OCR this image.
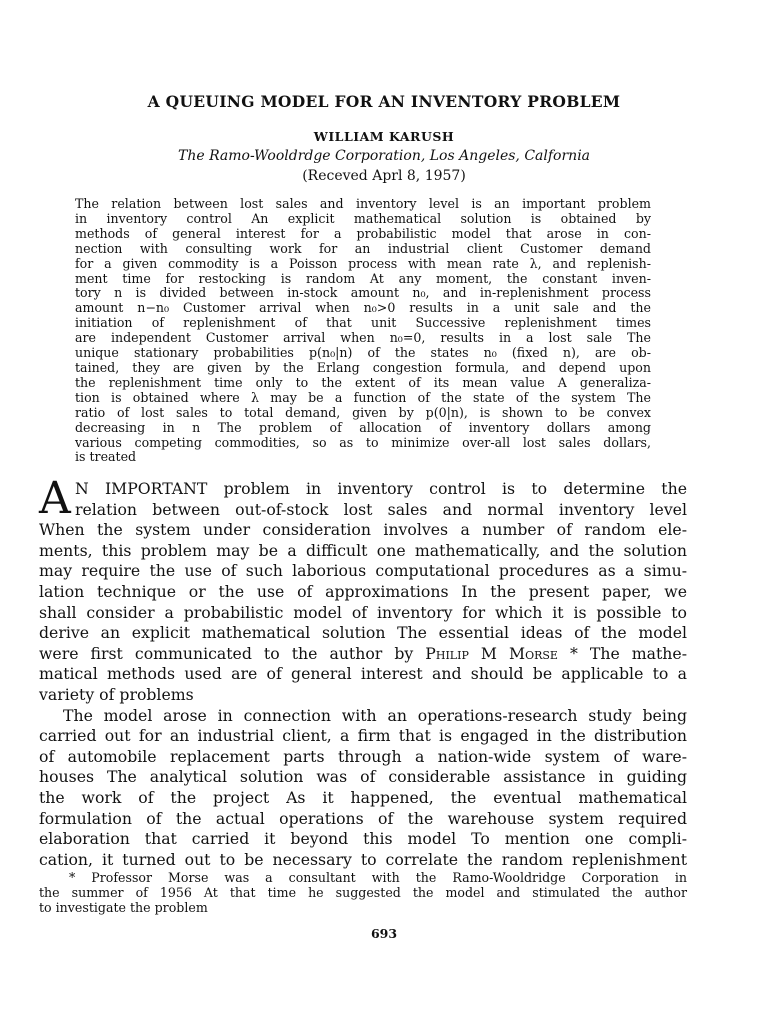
A QUEUING MODEL FOR AN INVENTORY PROBLEM
WILLIAM KARUSH
The Ramo-Wooldrdge Corporation, Los Angeles, Calfornia
(Receved Aprl 8, 1957)
The relation between lost sales and inventory level is an important problem
in inventory control An explicit mathematical solution is obtained by
methods of general interest for a probabilistic model that arose in con-
nection with consulting work for an industrial client Customer demand
for a given commodity is a Poisson process with mean rate λ, and replenish-
ment time for restocking is random At any moment, the constant inven-
tory n is divided between in-stock amount n₀, and in-replenishment process
amount n−n₀ Customer arrival when n₀>0 results in a unit sale and the
initiation of replenishment of that unit Successive replenishment times
are independent Customer arrival when n₀=0, results in a lost sale The
unique stationary probabilities p(n₀|n) of the states n₀ (fixed n), are ob-
tained, they are given by the Erlang congestion formula, and depend upon
the replenishment time only to the extent of its mean value A generaliza-
tion is obtained where λ may be a function of the state of the system The
ratio of lost sales to total demand, given by p(0|n), is shown to be convex
decreasing in n The problem of allocation of inventory dollars among
various competing commodities, so as to minimize over-all lost sales dollars,
is treated
A N IMPORTANT problem in inventory control is to determine the
relation between out-of-stock lost sales and normal inventory level
When the system under consideration involves a number of random ele-
ments, this problem may be a difficult one mathematically, and the solution
may require the use of such laborious computational procedures as a simu-
lation technique or the use of approximations In the present paper, we
shall consider a probabilistic model of inventory for which it is possible to
derive an explicit mathematical solution The essential ideas of the model
were first communicated to the author by Philip M Morse * The mathe-
matical methods used are of general interest and should be applicable to a
variety of problems
The model arose in connection with an operations-research study being
carried out for an industrial client, a firm that is engaged in the distribution
of automobile replacement parts through a nation-wide system of ware-
houses The analytical solution was of considerable assistance in guiding
the work of the project As it happened, the eventual mathematical
formulation of the actual operations of the warehouse system required
elaboration that carried it beyond this model To mention one compli-
cation, it turned out to be necessary to correlate the random replenishment
* Professor Morse was a consultant with the Ramo-Wooldridge Corporation in
the summer of 1956 At that time he suggested the model and stimulated the author
to investigate the problem
693
